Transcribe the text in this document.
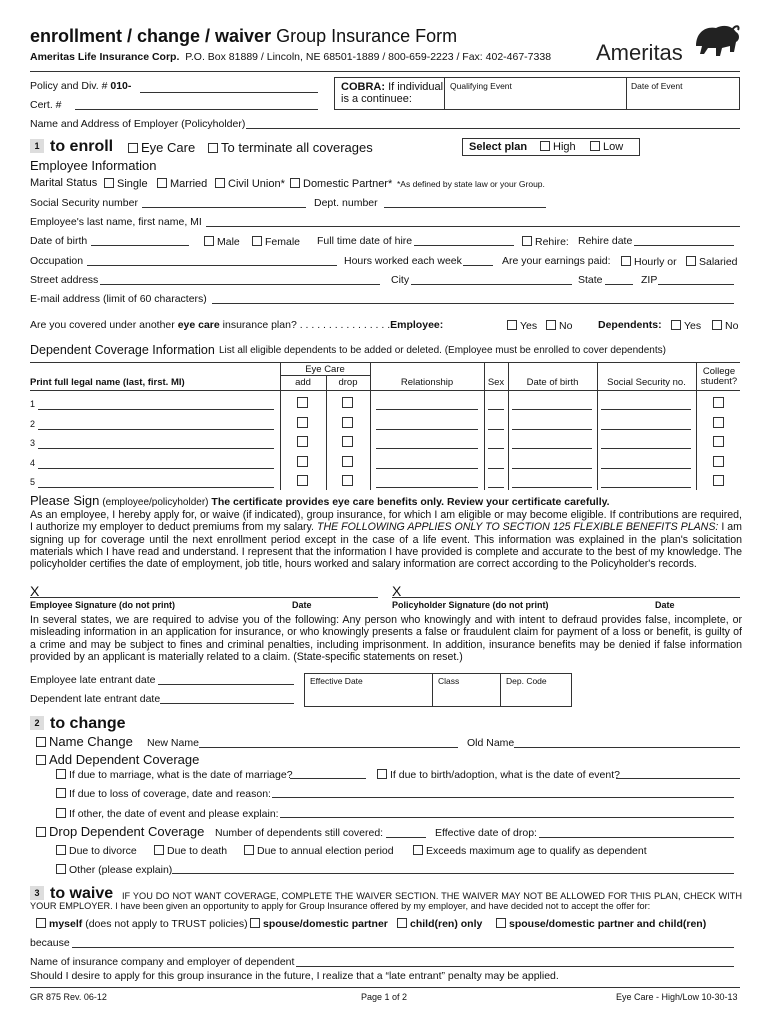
enrollment / change / waiver Group Insurance Form
Ameritas Life Insurance Corp. P.O. Box 81889 / Lincoln, NE 68501-1889 / 800-659-2223 / Fax: 402-467-7338 Ameritas
Policy and Div. # 010-
Cert. #
COBRA: If individual
is a continuee:
Qualifying Event	Date of Event
Name and Address of Employer (Policyholder)
1 to enroll	Eye Care	To terminate all coverages	Select plan	High	Low
Employee Information
Marital Status	Single	Married	Civil Union*	Domestic Partner* *As defined by state law or your Group.
Social Security number	Dept. number
Employee's last name, first name, MI
Date of birth	Male	Female Full time date of hire	Rehire: Rehire date
Occupation	Hours worked each week	Are your earnings paid:	Hourly or	Salaried
Street address	City	State	ZIP
E-mail address (limit of 60 characters)
Are you covered under another eye care insurance plan? . . . . . . . . . . . . . . . .Employee:	Yes	No Dependents:	Yes	No
Dependent Coverage Information List all eligible dependents to be added or deleted. (Employee must be enrolled to cover dependents)
Print full legal name (last, first. MI)
Eye Care
add	drop	Relationship	Sex	Date of birth	Social Security no.
College
student?
1
2
3
4
5
Please Sign (employee/policyholder) The certificate provides eye care benefits only. Review your certificate carefully.
As an employee, I hereby apply for, or waive (if indicated), group insurance, for which I am eligible or may become eligible. If contributions are required, I authorize my employer to deduct premiums from my salary. THE FOLLOWING APPLIES ONLY TO SECTION 125 FLEXIBLE BENEFITS PLANS: I am signing up for coverage until the next enrollment period except in the case of a life event. This information was explained in the plan's solicitation materials which I have read and understand. I represent that the information I have provided is complete and accurate to the best of my knowledge. The policyholder certifies the date of employment, job title, hours worked and salary information are correct according to the Policyholder's records.
X
Employee Signature (do not print)	Date
X
Policyholder Signature (do not print)	Date
In several states, we are required to advise you of the following: Any person who knowingly and with intent to defraud provides false, incomplete, or misleading information in an application for insurance, or who knowingly presents a false or fraudulent claim for payment of a loss or benefit, is guilty of a crime and may be subject to fines and criminal penalties, including imprisonment. In addition, insurance benefits may be denied if false information provided by an applicant is materially related to a claim. (State-specific statements on reset.)
Employee late entrant date
Dependent late entrant date
Effective Date	Class	Dep. Code
2 to change
Name Change New Name	Old Name
Add Dependent Coverage
If due to marriage, what is the date of marriage?	If due to birth/adoption, what is the date of event?
If due to loss of coverage, date and reason:
If other, the date of event and please explain:
Drop Dependent Coverage Number of dependents still covered:	Effective date of drop:
Due to divorce	Due to death	Due to annual election period	Exceeds maximum age to qualify as dependent
Other (please explain)
3 to waive IF YOU DO NOT WANT COVERAGE, COMPLETE THE WAIVER SECTION. THE WAIVER MAY NOT BE ALLOWED FOR THIS PLAN, CHECK WITH YOUR EMPLOYER. I have been given an opportunity to apply for Group Insurance offered by my employer, and have decided not to accept the offer for:
myself (does not apply to TRUST policies)	spouse/domestic partner	child(ren) only	spouse/domestic partner and child(ren)
because
Name of insurance company and employer of dependent
Should I desire to apply for this group insurance in the future, I realize that a “late entrant” penalty may be applied.
GR 875 Rev. 06-12	Page 1 of 2	Eye Care - High/Low 10-30-13
